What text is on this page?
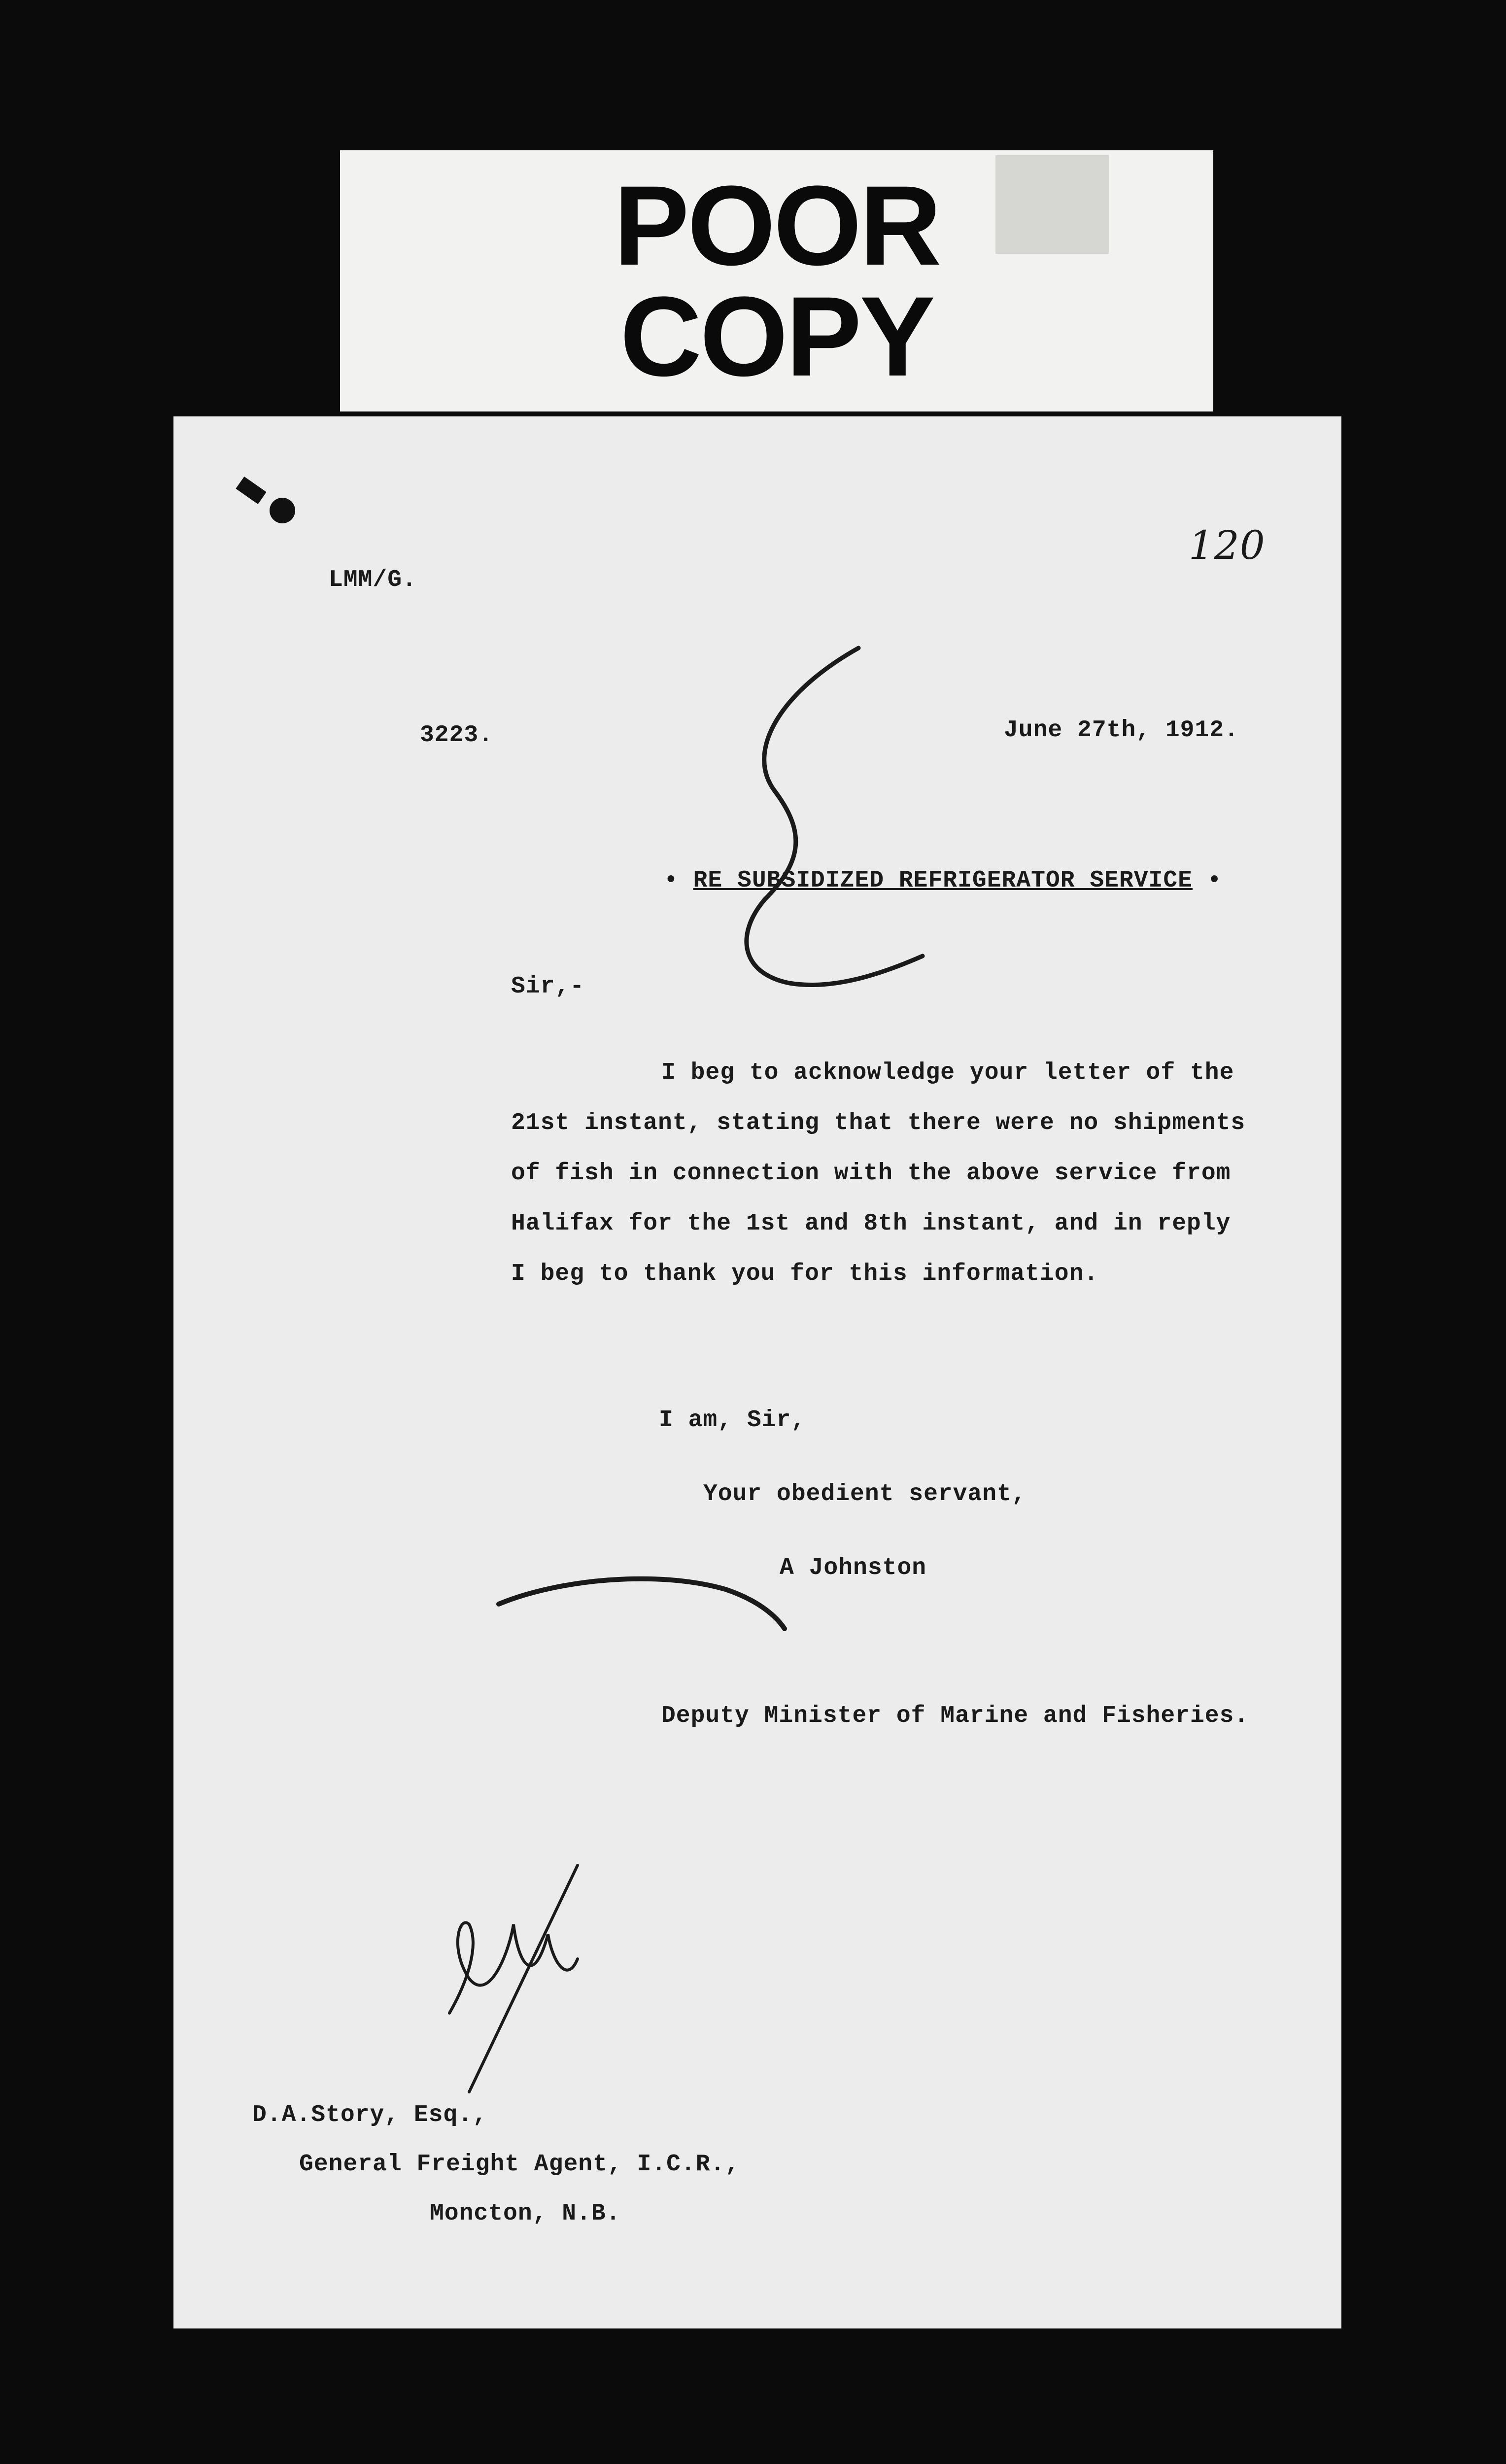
POOR
COPY
120
LMM/G.
3223.	June 27th, 1912.
• RE SUBSIDIZED REFRIGERATOR SERVICE •
Sir,-
I beg to acknowledge your letter of the
21st instant, stating that there were no shipments
of fish in connection with the above service from
Halifax for the 1st and 8th instant, and in reply
I beg to thank you for this information.
I am, Sir,
Your obedient servant,
A Johnston
Deputy Minister of Marine and Fisheries.
D.A.Story, Esq.,
General Freight Agent, I.C.R.,
Moncton, N.B.
